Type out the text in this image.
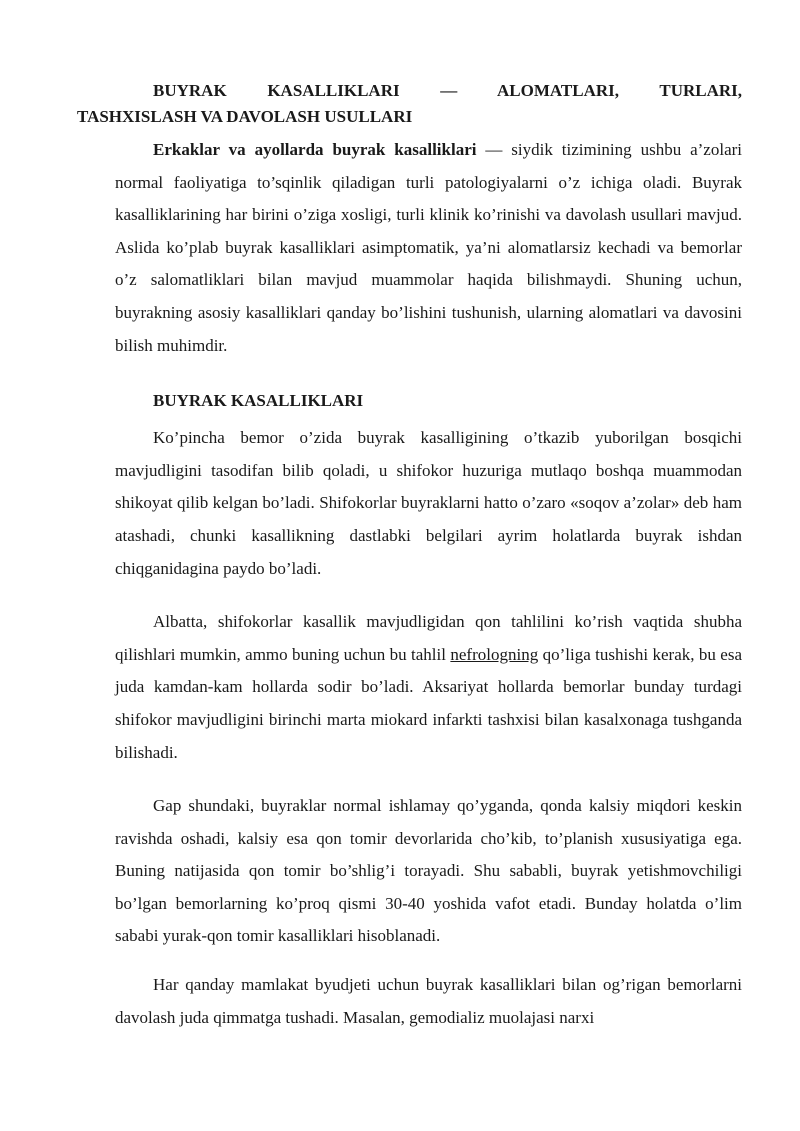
BUYRAK KASALLIKLARI — ALOMATLARI, TURLARI,
TASHXISLASH VA DAVOLASH USULLARI

Erkaklar va ayollarda buyrak kasalliklari — siydik tizimining ushbu a’zolari normal faoliyatiga to’sqinlik qiladigan turli patologiyalarni o’z ichiga oladi. Buyrak kasalliklarining har birini o’ziga xosligi, turli klinik ko’rinishi va davolash usullari mavjud. Aslida ko’plab buyrak kasalliklari asimptomatik, ya’ni alomatlarsiz kechadi va bemorlar o’z salomatliklari bilan mavjud muammolar haqida bilishmaydi. Shuning uchun, buyrakning asosiy kasalliklari qanday bo’lishini tushunish, ularning alomatlari va davosini bilish muhimdir.

BUYRAK KASALLIKLARI

Ko’pincha bemor o’zida buyrak kasalligining o’tkazib yuborilgan bosqichi mavjudligini tasodifan bilib qoladi, u shifokor huzuriga mutlaqo boshqa muammodan shikoyat qilib kelgan bo’ladi. Shifokorlar buyraklarni hatto o’zaro «soqov a’zolar» deb ham atashadi, chunki kasallikning dastlabki belgilari ayrim holatlarda buyrak ishdan chiqganidagina paydo bo’ladi.

Albatta, shifokorlar kasallik mavjudligidan qon tahlilini ko’rish vaqtida shubha qilishlari mumkin, ammo buning uchun bu tahlil nefrologning qo’liga tushishi kerak, bu esa juda kamdan-kam hollarda sodir bo’ladi. Aksariyat hollarda bemorlar bunday turdagi shifokor mavjudligini birinchi marta miokard infarkti tashxisi bilan kasalxonaga tushganda bilishadi.

Gap shundaki, buyraklar normal ishlamay qo’yganda, qonda kalsiy miqdori keskin ravishda oshadi, kalsiy esa qon tomir devorlarida cho’kib, to’planish xususiyatiga ega. Buning natijasida qon tomir bo’shlig’i torayadi. Shu sababli, buyrak yetishmovchiligi bo’lgan bemorlarning ko’proq qismi 30-40 yoshida vafot etadi. Bunday holatda o’lim sababi yurak-qon tomir kasalliklari hisoblanadi.

Har qanday mamlakat byudjeti uchun buyrak kasalliklari bilan og’rigan bemorlarni davolash juda qimmatga tushadi. Masalan, gemodializ muolajasi narxi
